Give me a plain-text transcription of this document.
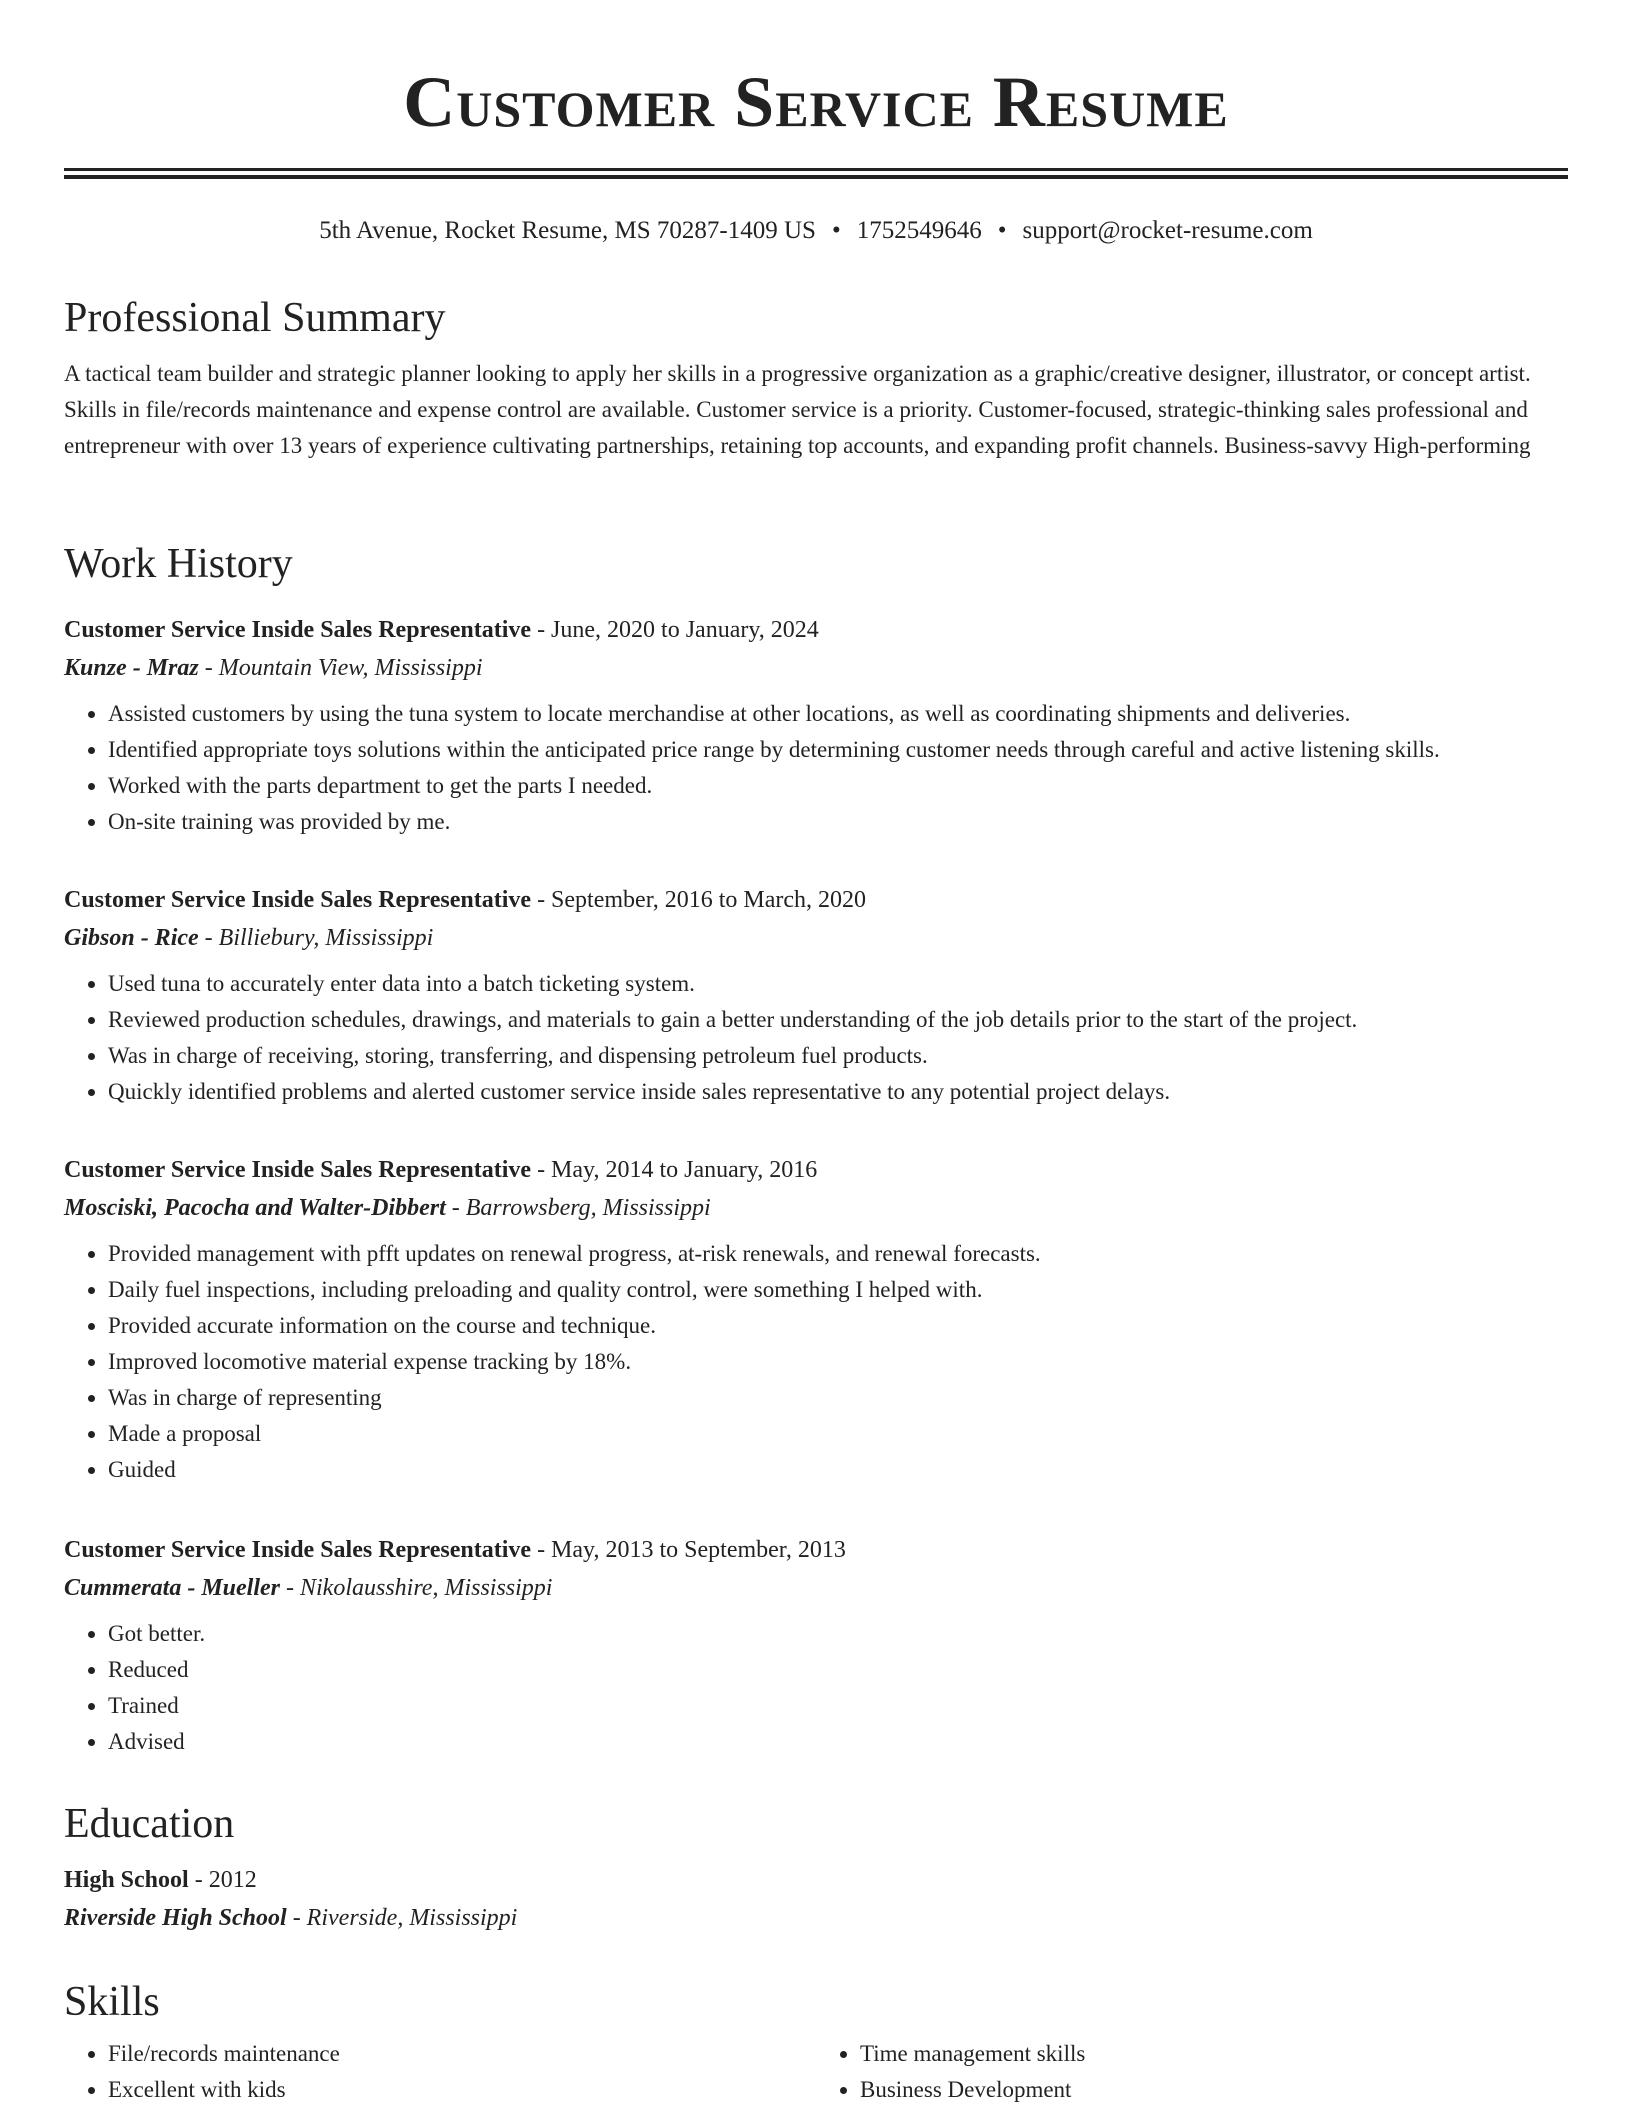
Customer Service Resume
5th Avenue, Rocket Resume, MS 70287-1409 US • 1752549646 • support@rocket-resume.com
Professional Summary

A tactical team builder and strategic planner looking to apply her skills in a progressive organization as a graphic/creative designer, illustrator, or concept artist. Skills in file/records maintenance and expense control are available. Customer service is a priority. Customer-focused, strategic-thinking sales professional and entrepreneur with over 13 years of experience cultivating partnerships, retaining top accounts, and expanding profit channels. Business-savvy High-performing

Work History
Customer Service Inside Sales Representative - June, 2020 to January, 2024
Kunze - Mraz - Mountain View, Mississippi
• Assisted customers by using the tuna system to locate merchandise at other locations, as well as coordinating shipments and deliveries.
• Identified appropriate toys solutions within the anticipated price range by determining customer needs through careful and active listening skills.
• Worked with the parts department to get the parts I needed.
• On-site training was provided by me.
Customer Service Inside Sales Representative - September, 2016 to March, 2020
Gibson - Rice - Billiebury, Mississippi
• Used tuna to accurately enter data into a batch ticketing system.
• Reviewed production schedules, drawings, and materials to gain a better understanding of the job details prior to the start of the project.
• Was in charge of receiving, storing, transferring, and dispensing petroleum fuel products.
• Quickly identified problems and alerted customer service inside sales representative to any potential project delays.
Customer Service Inside Sales Representative - May, 2014 to January, 2016
Mosciski, Pacocha and Walter-Dibbert - Barrowsberg, Mississippi
• Provided management with pfft updates on renewal progress, at-risk renewals, and renewal forecasts.
• Daily fuel inspections, including preloading and quality control, were something I helped with.
• Provided accurate information on the course and technique.
• Improved locomotive material expense tracking by 18%.
• Was in charge of representing
• Made a proposal
• Guided
Customer Service Inside Sales Representative - May, 2013 to September, 2013
Cummerata - Mueller - Nikolausshire, Mississippi
• Got better.
• Reduced
• Trained
• Advised
Education
High School - 2012
Riverside High School - Riverside, Mississippi
Skills
• File/records maintenance
• Excellent with kids
• Time management skills
• Business Development
